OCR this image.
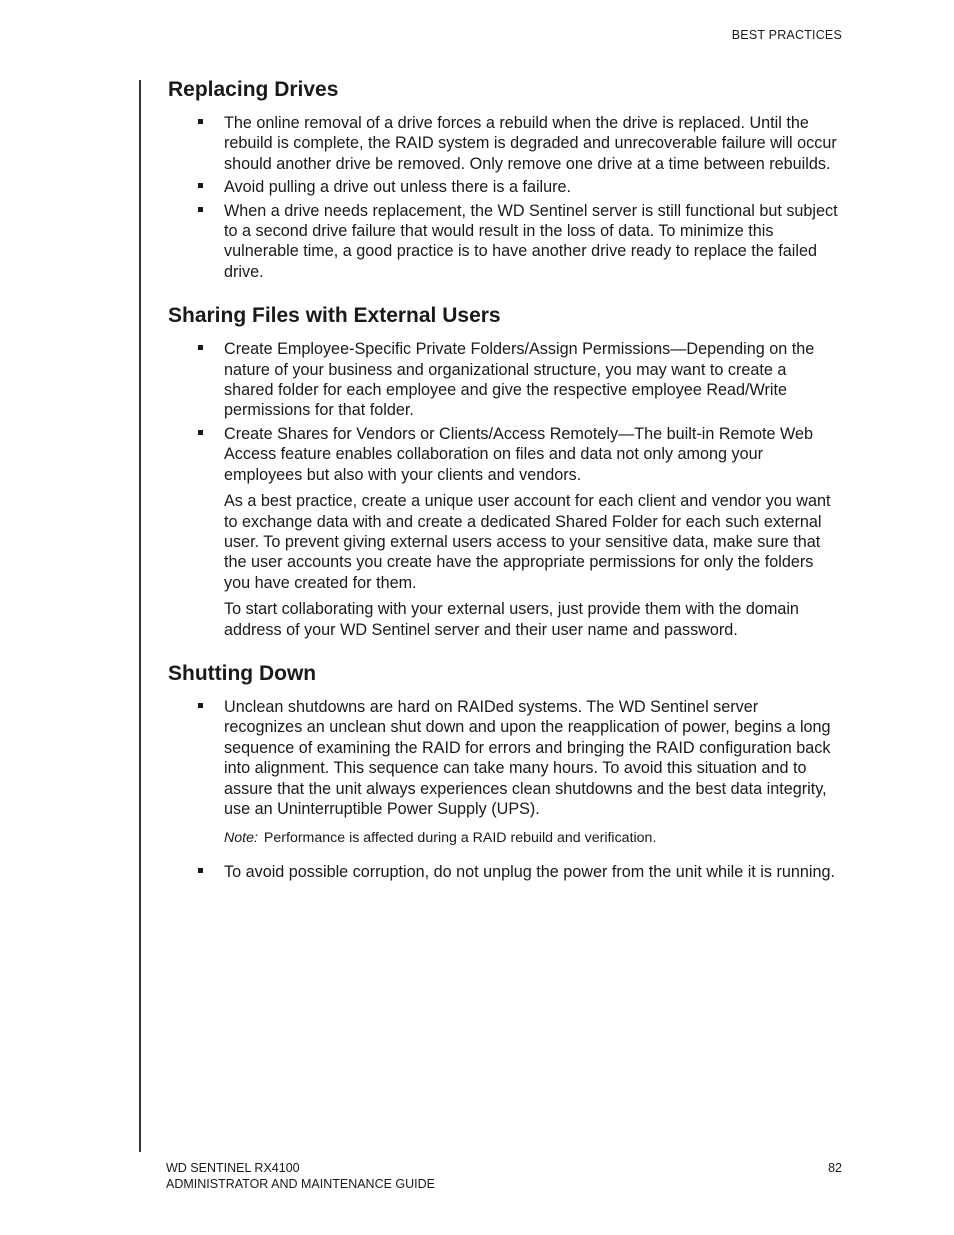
BEST PRACTICES
Replacing Drives

The online removal of a drive forces a rebuild when the drive is replaced. Until the rebuild is complete, the RAID system is degraded and unrecoverable failure will occur should another drive be removed. Only remove one drive at a time between rebuilds.

Avoid pulling a drive out unless there is a failure.

When a drive needs replacement, the WD Sentinel server is still functional but subject to a second drive failure that would result in the loss of data. To minimize this vulnerable time, a good practice is to have another drive ready to replace the failed drive.

Sharing Files with External Users

Create Employee-Specific Private Folders/Assign Permissions—Depending on the nature of your business and organizational structure, you may want to create a shared folder for each employee and give the respective employee Read/Write permissions for that folder.

Create Shares for Vendors or Clients/Access Remotely—The built-in Remote Web Access feature enables collaboration on files and data not only among your employees but also with your clients and vendors.

As a best practice, create a unique user account for each client and vendor you want to exchange data with and create a dedicated Shared Folder for each such external user. To prevent giving external users access to your sensitive data, make sure that the user accounts you create have the appropriate permissions for only the folders you have created for them.

To start collaborating with your external users, just provide them with the domain address of your WD Sentinel server and their user name and password.

Shutting Down

Unclean shutdowns are hard on RAIDed systems. The WD Sentinel server recognizes an unclean shut down and upon the reapplication of power, begins a long sequence of examining the RAID for errors and bringing the RAID configuration back into alignment. This sequence can take many hours. To avoid this situation and to assure that the unit always experiences clean shutdowns and the best data integrity, use an Uninterruptible Power Supply (UPS).

Note: Performance is affected during a RAID rebuild and verification.

To avoid possible corruption, do not unplug the power from the unit while it is running.

WD SENTINEL RX4100
ADMINISTRATOR AND MAINTENANCE GUIDE
82
